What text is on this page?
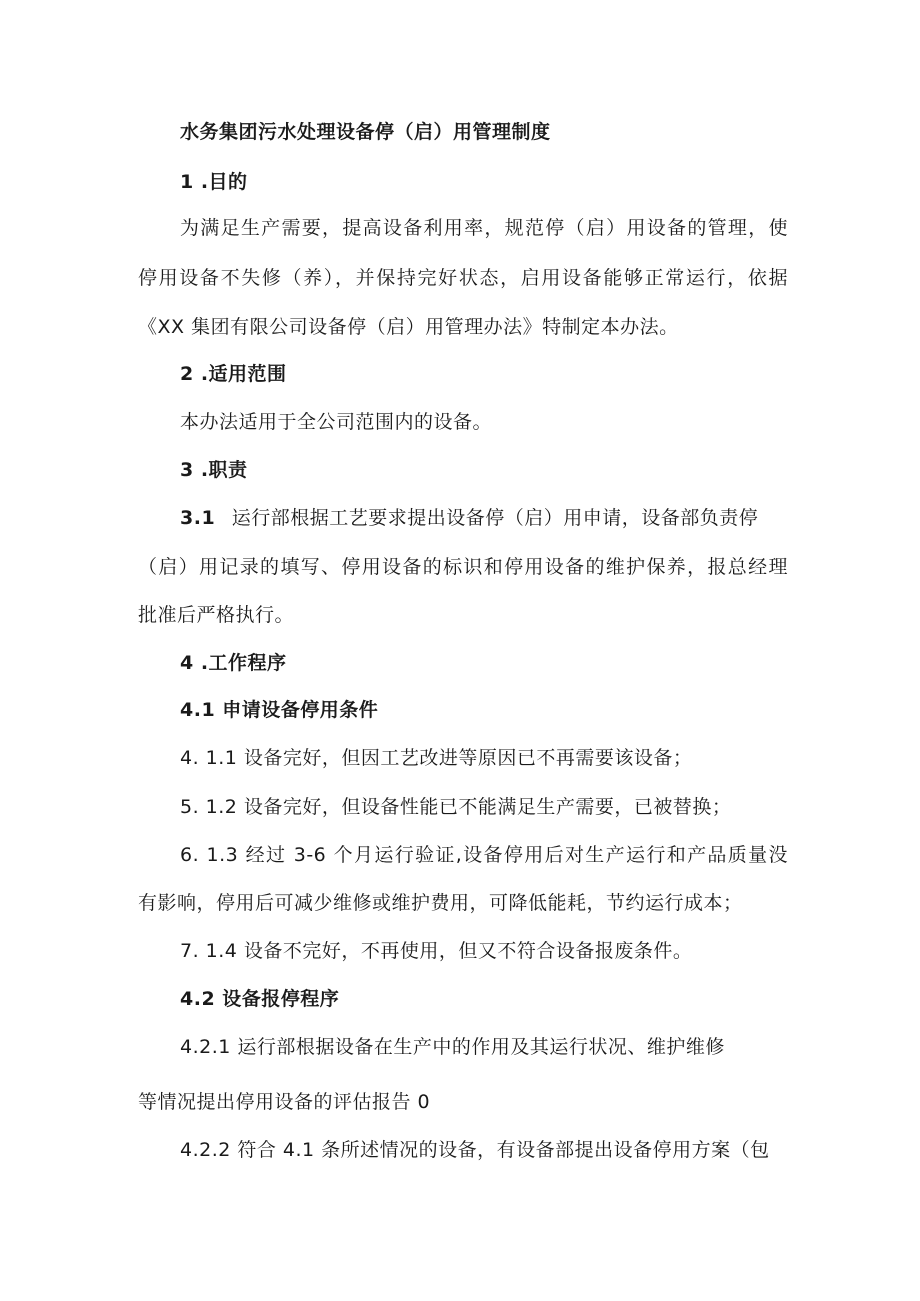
水务集团污水处理设备停（启）用管理制度
1 .目的
为满足生产需要，提高设备利用率，规范停（启）用设备的管理，使
停用设备不失修（养），并保持完好状态，启用设备能够正常运行，依据
《XX 集团有限公司设备停（启）用管理办法》特制定本办法。
2 .适用范围
本办法适用于全公司范围内的设备。
3 .职责
3.1 运行部根据工艺要求提出设备停（启）用申请，设备部负责停
（启）用记录的填写、停用设备的标识和停用设备的维护保养，报总经理
批准后严格执行。
4 .工作程序
4.1 申请设备停用条件
4. 1.1 设备完好，但因工艺改进等原因已不再需要该设备；
5. 1.2 设备完好，但设备性能已不能满足生产需要，已被替换；
6. 1.3 经过 3-6 个月运行验证,设备停用后对生产运行和产品质量没
有影响，停用后可减少维修或维护费用，可降低能耗，节约运行成本；
7. 1.4 设备不完好，不再使用，但又不符合设备报废条件。
4.2 设备报停程序
4.2.1 运行部根据设备在生产中的作用及其运行状况、维护维修
等情况提出停用设备的评估报告 0
4.2.2 符合 4.1 条所述情况的设备，有设备部提出设备停用方案（包
